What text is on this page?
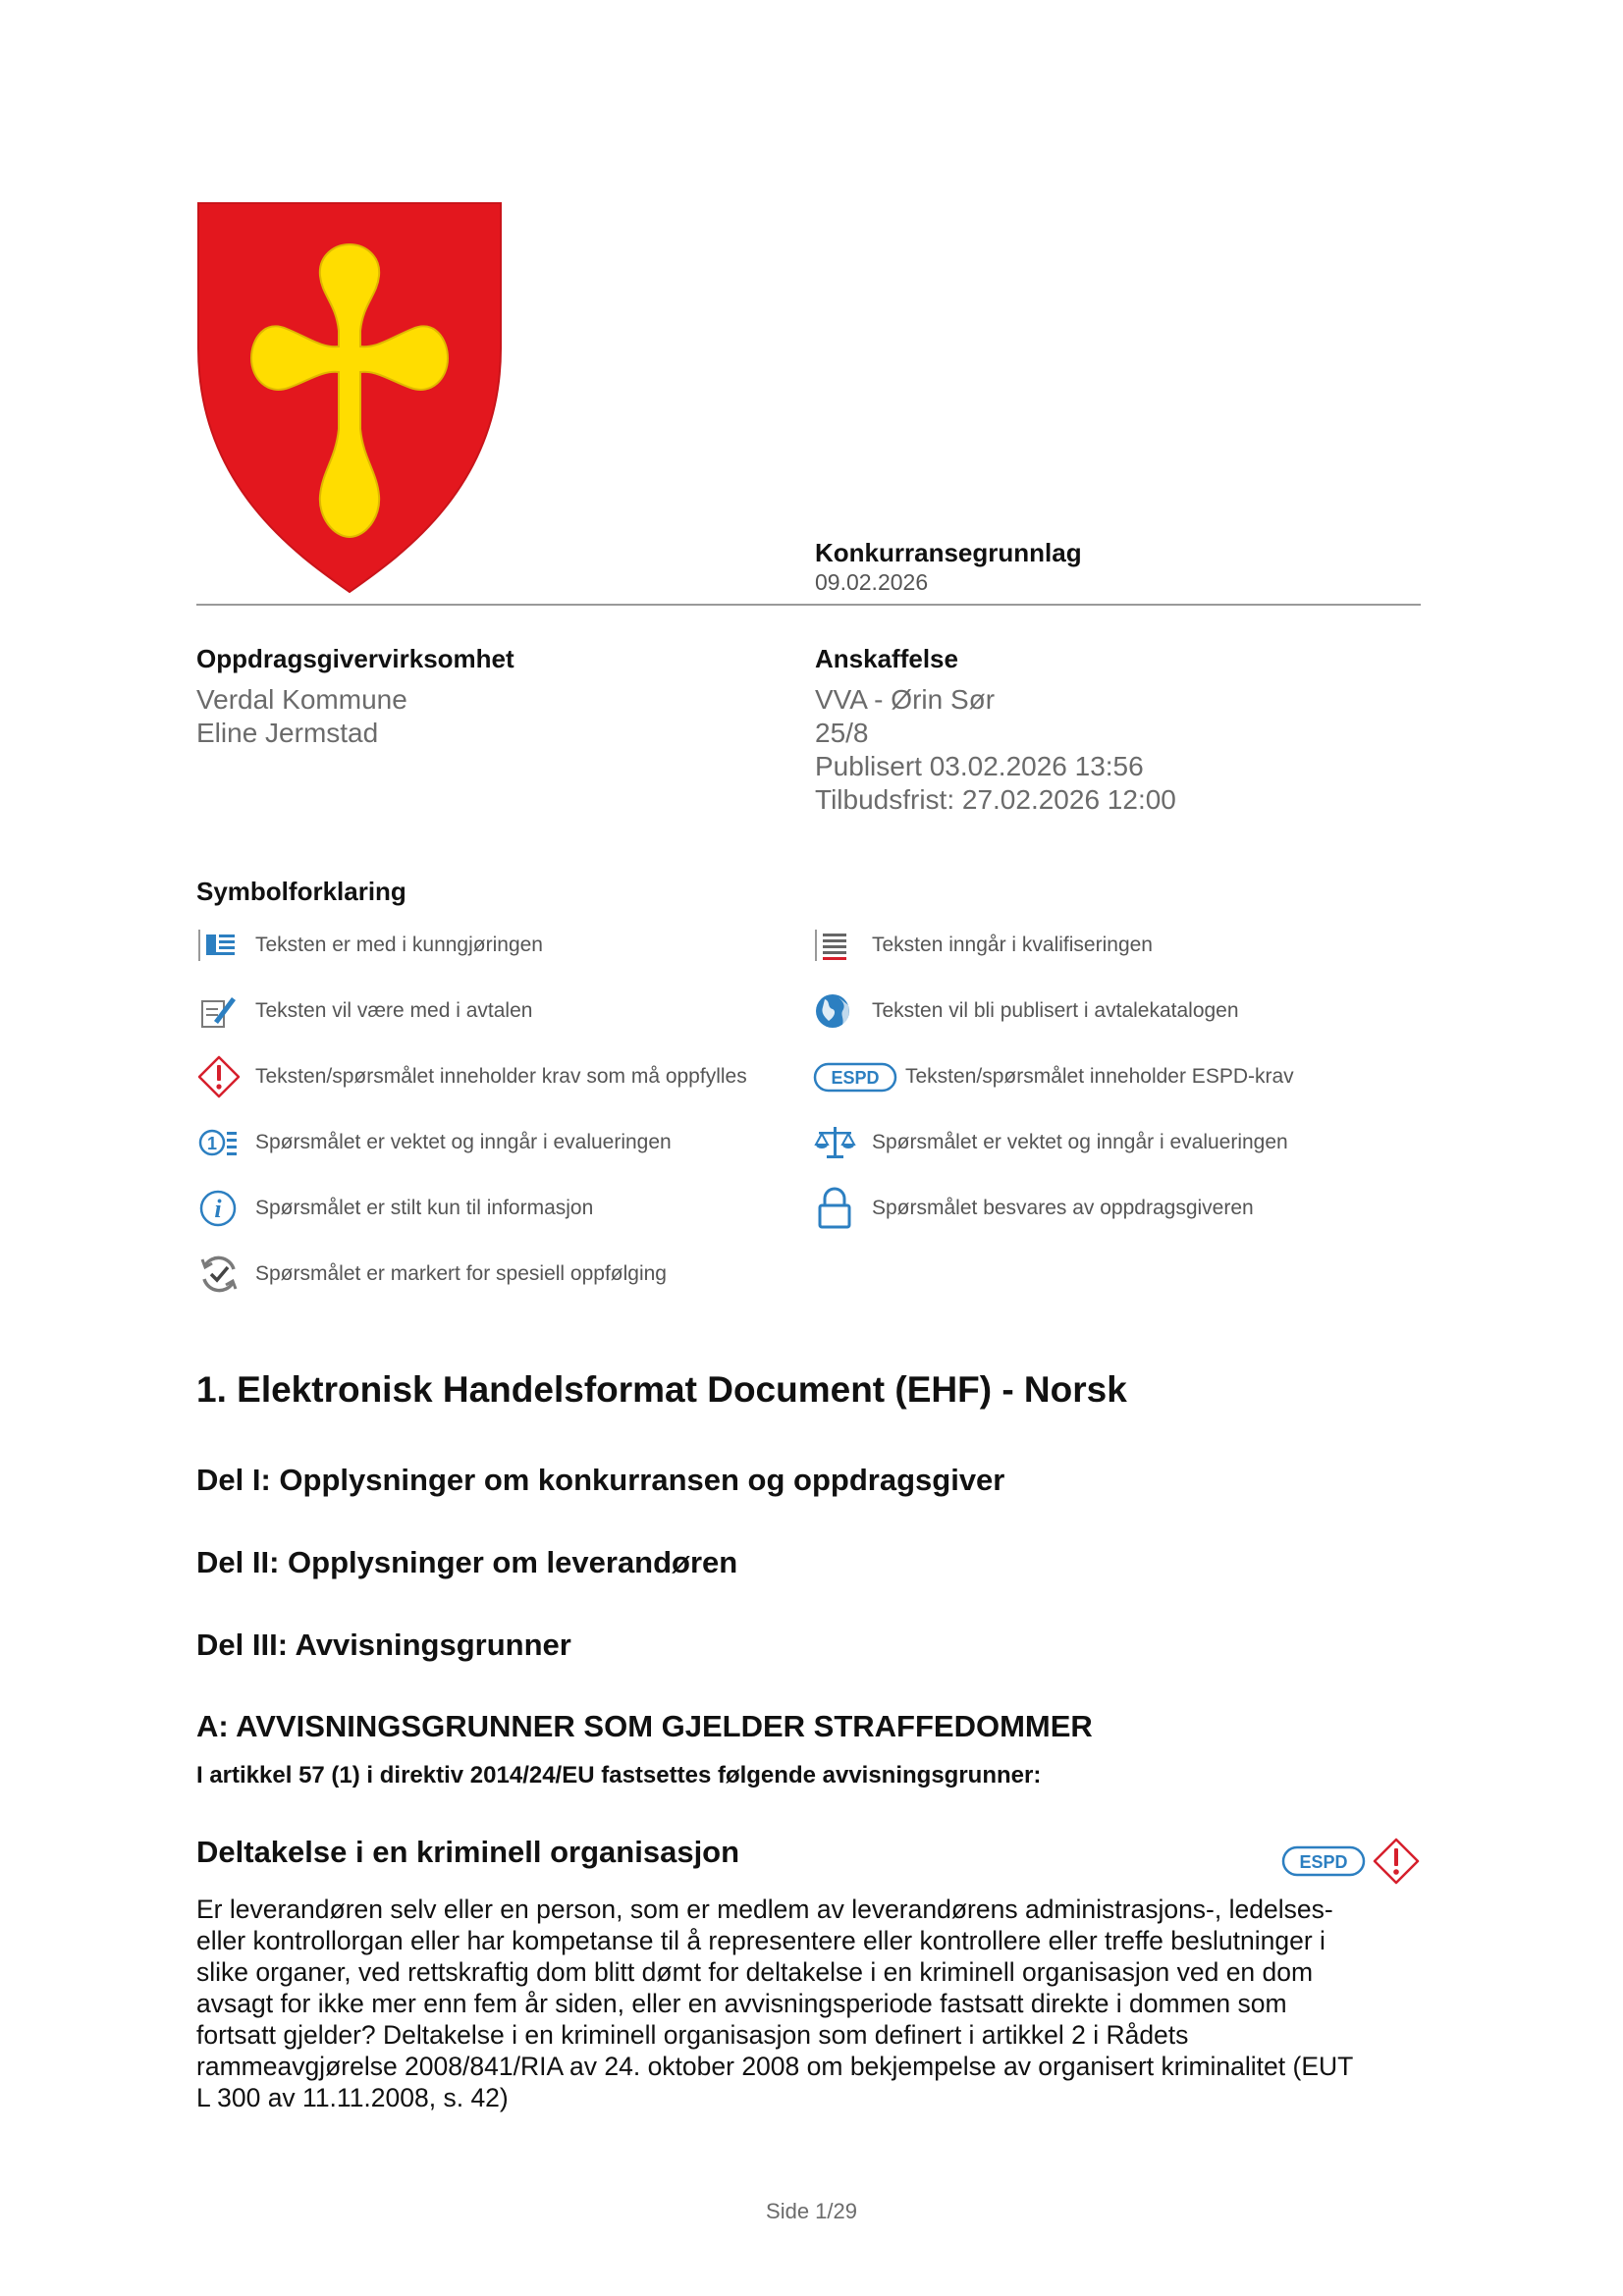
Konkurransegrunnlag
09.02.2026
Oppdragsgivervirksomhet
Verdal Kommune
Eline Jermstad
Anskaffelse
VVA - Ørin Sør
25/8
Publisert 03.02.2026 13:56
Tilbudsfrist: 27.02.2026 12:00
Symbolforklaring
Teksten er med i kunngjøringen
Teksten vil være med i avtalen
Teksten/spørsmålet inneholder krav som må oppfylles
1 Spørsmålet er vektet og inngår i evalueringen
i Spørsmålet er stilt kun til informasjon
Spørsmålet er markert for spesiell oppfølging
Teksten inngår i kvalifiseringen
Teksten vil bli publisert i avtalekatalogen
ESPD Teksten/spørsmålet inneholder ESPD-krav
Spørsmålet er vektet og inngår i evalueringen
Spørsmålet besvares av oppdragsgiveren
1. Elektronisk Handelsformat Document (EHF) - Norsk
Del I: Opplysninger om konkurransen og oppdragsgiver
Del II: Opplysninger om leverandøren
Del III: Avvisningsgrunner
A: AVVISNINGSGRUNNER SOM GJELDER STRAFFEDOMMER
I artikkel 57 (1) i direktiv 2014/24/EU fastsettes følgende avvisningsgrunner:
Deltakelse i en kriminell organisasjon	ESPD
Er leverandøren selv eller en person, som er medlem av leverandørens administrasjons-, ledelses-
eller kontrollorgan eller har kompetanse til å representere eller kontrollere eller treffe beslutninger i
slike organer, ved rettskraftig dom blitt dømt for deltakelse i en kriminell organisasjon ved en dom
avsagt for ikke mer enn fem år siden, eller en avvisningsperiode fastsatt direkte i dommen som
fortsatt gjelder? Deltakelse i en kriminell organisasjon som definert i artikkel 2 i Rådets
rammeavgjørelse 2008/841/RIA av 24. oktober 2008 om bekjempelse av organisert kriminalitet (EUT
L 300 av 11.11.2008, s. 42)
Side 1/29
